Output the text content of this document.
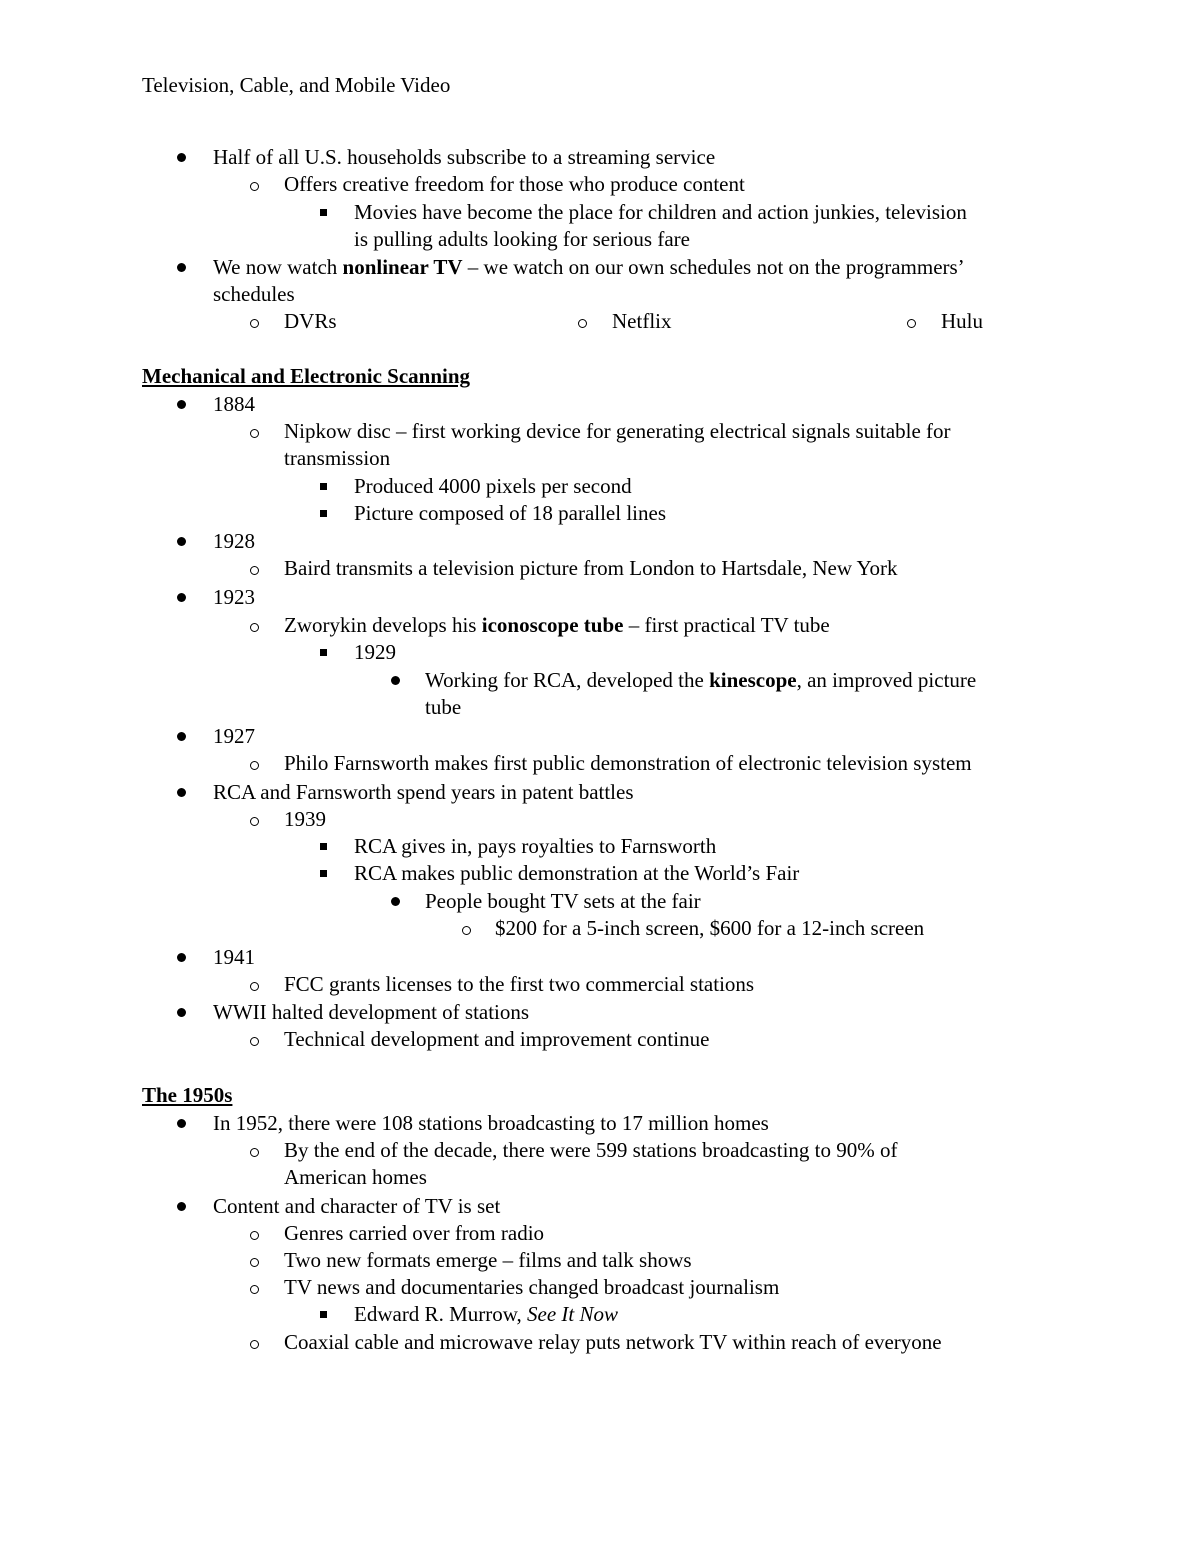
Television, Cable, and Mobile Video
Half of all U.S. households subscribe to a streaming service
Offers creative freedom for those who produce content
Movies have become the place for children and action junkies, television
is pulling adults looking for serious fare
We now watch nonlinear TV – we watch on our own schedules not on the programmers’
schedules
DVRs	Netflix	Hulu
Mechanical and Electronic Scanning
1884
Nipkow disc – first working device for generating electrical signals suitable for
transmission
Produced 4000 pixels per second
Picture composed of 18 parallel lines
1928
Baird transmits a television picture from London to Hartsdale, New York
1923
Zworykin develops his iconoscope tube – first practical TV tube
1929
Working for RCA, developed the kinescope, an improved picture
tube
1927
Philo Farnsworth makes first public demonstration of electronic television system
RCA and Farnsworth spend years in patent battles
1939
RCA gives in, pays royalties to Farnsworth
RCA makes public demonstration at the World’s Fair
People bought TV sets at the fair
$200 for a 5-inch screen, $600 for a 12-inch screen
1941
FCC grants licenses to the first two commercial stations
WWII halted development of stations
Technical development and improvement continue
The 1950s
In 1952, there were 108 stations broadcasting to 17 million homes
By the end of the decade, there were 599 stations broadcasting to 90% of
American homes
Content and character of TV is set
Genres carried over from radio
Two new formats emerge – films and talk shows
TV news and documentaries changed broadcast journalism
Edward R. Murrow, See It Now
Coaxial cable and microwave relay puts network TV within reach of everyone
